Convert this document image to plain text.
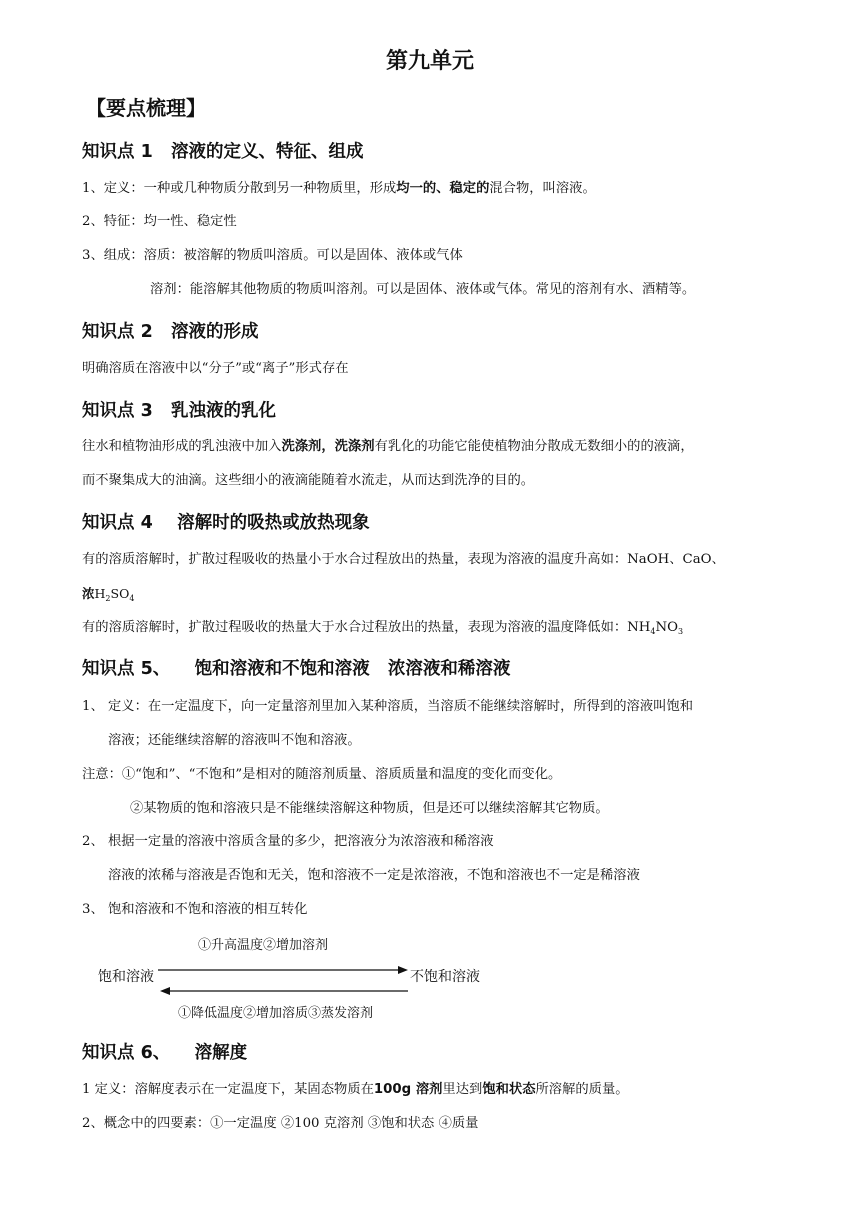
第九单元
【要点梳理】
知识点 1   溶液的定义、特征、组成
1、定义：一种或几种物质分散到另一种物质里，形成均一的、稳定的混合物，叫溶液。
2、特征：均一性、稳定性
3、组成：溶质：被溶解的物质叫溶质。可以是固体、液体或气体
溶剂：能溶解其他物质的物质叫溶剂。可以是固体、液体或气体。常见的溶剂有水、酒精等。
知识点 2   溶液的形成
明确溶质在溶液中以“分子”或“离子”形式存在
知识点 3   乳浊液的乳化
往水和植物油形成的乳浊液中加入洗涤剂，洗涤剂有乳化的功能它能使植物油分散成无数细小的的液滴，
而不聚集成大的油滴。这些细小的液滴能随着水流走，从而达到洗净的目的。
知识点 4    溶解时的吸热或放热现象
有的溶质溶解时，扩散过程吸收的热量小于水合过程放出的热量，表现为溶液的温度升高如：NaOH、CaO、
浓$H_2SO_4$
有的溶质溶解时，扩散过程吸收的热量大于水合过程放出的热量，表现为溶液的温度降低如：$NH_4NO_3$
知识点 5、    饱和溶液和不饱和溶液   浓溶液和稀溶液
1、 定义：在一定温度下，向一定量溶剂里加入某种溶质，当溶质不能继续溶解时，所得到的溶液叫饱和
溶液；还能继续溶解的溶液叫不饱和溶液。
注意：①“饱和”、“不饱和”是相对的随溶剂质量、溶质质量和温度的变化而变化。
②某物质的饱和溶液只是不能继续溶解这种物质，但是还可以继续溶解其它物质。
2、 根据一定量的溶液中溶质含量的多少，把溶液分为浓溶液和稀溶液
溶液的浓稀与溶液是否饱和无关，饱和溶液不一定是浓溶液，不饱和溶液也不一定是稀溶液
3、 饱和溶液和不饱和溶液的相互转化
①升高温度②增加溶剂
饱和溶液	不饱和溶液
①降低温度②增加溶质③蒸发溶剂
知识点 6、    溶解度
1 定义：溶解度表示在一定温度下，某固态物质在100g 溶剂里达到饱和状态所溶解的质量。
2、概念中的四要素：①一定温度 ②100 克溶剂 ③饱和状态 ④质量
